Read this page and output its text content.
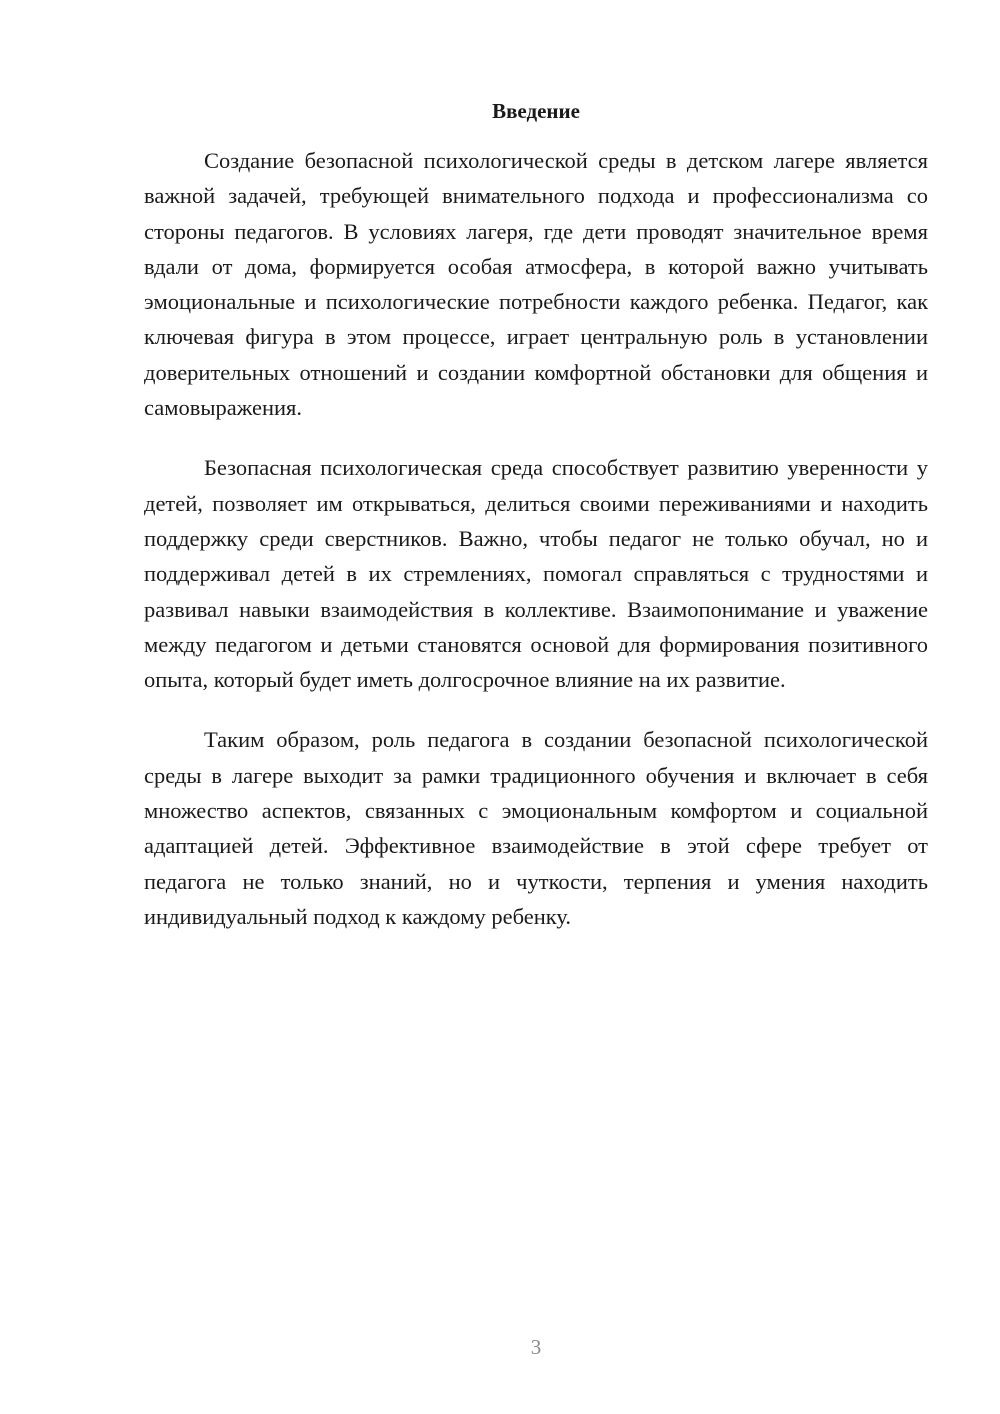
Введение

Создание безопасной психологической среды в детском лагере является важной задачей, требующей внимательного подхода и профессионализма со стороны педагогов. В условиях лагеря, где дети проводят значительное время вдали от дома, формируется особая атмосфера, в которой важно учитывать эмоциональные и психологические потребности каждого ребенка. Педагог, как ключевая фигура в этом процессе, играет центральную роль в установлении доверительных отношений и создании комфортной обстановки для общения и самовыражения.

Безопасная психологическая среда способствует развитию уверенности у детей, позволяет им открываться, делиться своими переживаниями и находить поддержку среди сверстников. Важно, чтобы педагог не только обучал, но и поддерживал детей в их стремлениях, помогал справляться с трудностями и развивал навыки взаимодействия в коллективе. Взаимопонимание и уважение между педагогом и детьми становятся основой для формирования позитивного опыта, который будет иметь долгосрочное влияние на их развитие.

Таким образом, роль педагога в создании безопасной психологической среды в лагере выходит за рамки традиционного обучения и включает в себя множество аспектов, связанных с эмоциональным комфортом и социальной адаптацией детей. Эффективное взаимодействие в этой сфере требует от педагога не только знаний, но и чуткости, терпения и умения находить индивидуальный подход к каждому ребенку.

3
